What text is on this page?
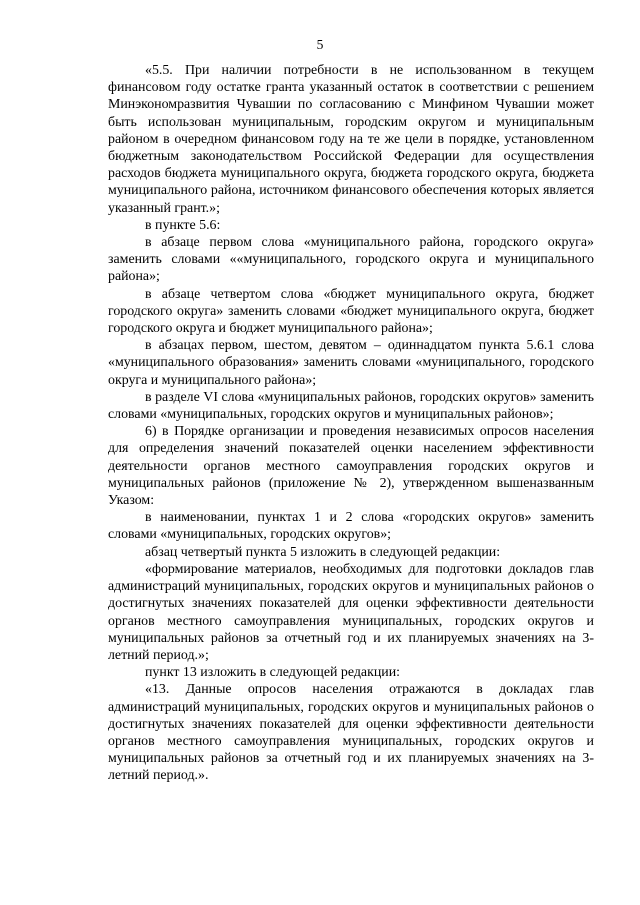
5

«5.5. При наличии потребности в не использованном в текущем финансовом году остатке гранта указанный остаток в соответствии с решением Минэкономразвития Чувашии по согласованию с Минфином Чувашии может быть использован муниципальным, городским округом и муниципальным районом в очередном финансовом году на те же цели в порядке, установленном бюджетным законодательством Российской Федерации для осуществления расходов бюджета муниципального округа, бюджета городского округа, бюджета муниципального района, источником финансового обеспечения которых является указанный грант.»;

в пункте 5.6:

в абзаце первом слова «муниципального района, городского округа» заменить словами ««муниципального, городского округа и муниципального района»;

в абзаце четвертом слова «бюджет муниципального округа, бюджет городского округа» заменить словами «бюджет муниципального округа, бюджет городского округа и бюджет муниципального района»;

в абзацах первом, шестом, девятом – одиннадцатом пункта 5.6.1 слова «муниципального образования» заменить словами «муниципального, городского округа и муниципального района»;

в разделе VI слова «муниципальных районов, городских округов» заменить словами «муниципальных, городских округов и муниципальных районов»;

6) в Порядке организации и проведения независимых опросов населения для определения значений показателей оценки населением эффективности деятельности органов местного самоуправления городских округов и муниципальных районов (приложение № 2), утвержденном вышеназванным Указом:

в наименовании, пунктах 1 и 2 слова «городских округов» заменить словами «муниципальных, городских округов»;

абзац четвертый пункта 5 изложить в следующей редакции:

«формирование материалов, необходимых для подготовки докладов глав администраций муниципальных, городских округов и муниципальных районов о достигнутых значениях показателей для оценки эффективности деятельности органов местного самоуправления муниципальных, городских округов и муниципальных районов за отчетный год и их планируемых значениях на 3-летний период.»;

пункт 13 изложить в следующей редакции:

«13. Данные опросов населения отражаются в докладах глав администраций муниципальных, городских округов и муниципальных районов о достигнутых значениях показателей для оценки эффективности деятельности органов местного самоуправления муниципальных, городских округов и муниципальных районов за отчетный год и их планируемых значениях на 3-летний период.».
